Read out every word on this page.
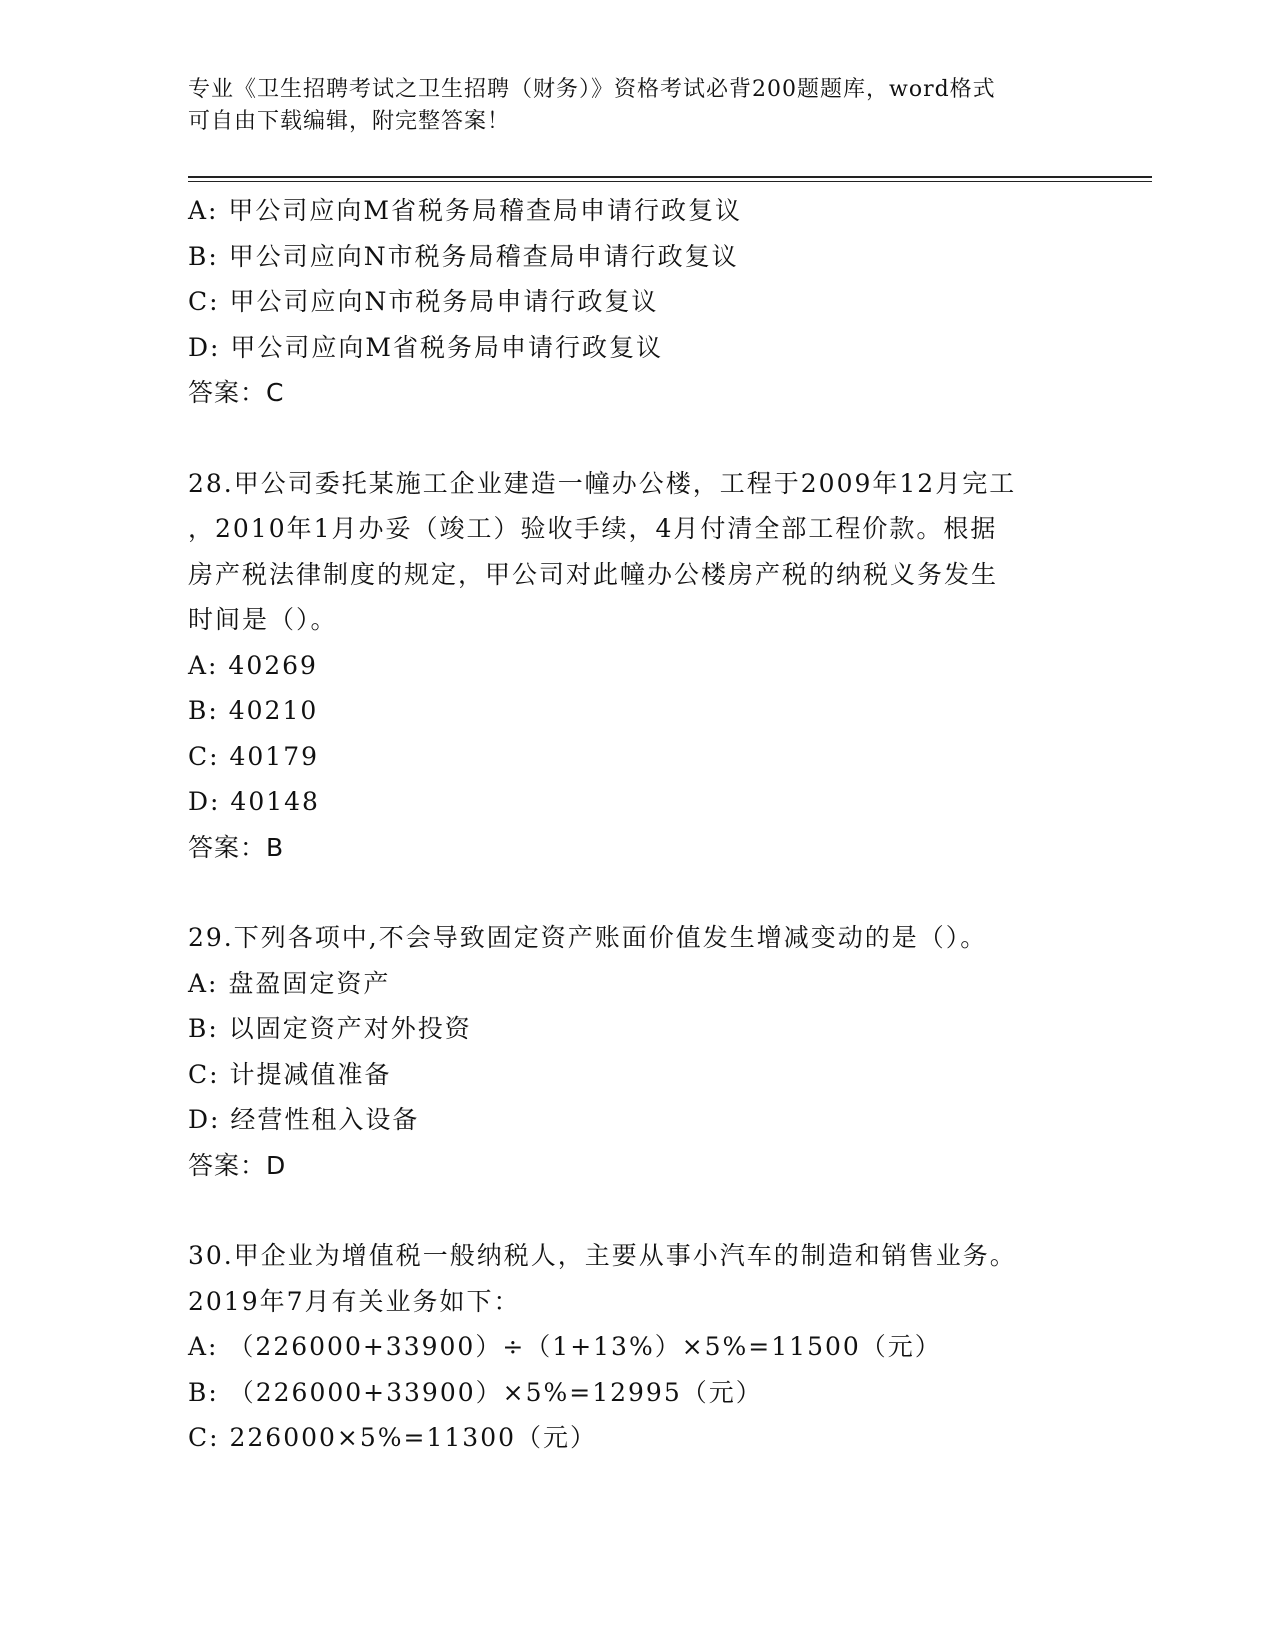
专业《卫生招聘考试之卫生招聘（财务）》资格考试必背200题题库，word格式
可自由下载编辑，附完整答案！
A: 甲公司应向M省税务局稽查局申请行政复议
B: 甲公司应向N市税务局稽查局申请行政复议
C: 甲公司应向N市税务局申请行政复议
D: 甲公司应向M省税务局申请行政复议
答案：C
28.甲公司委托某施工企业建造一幢办公楼，工程于2009年12月完工
，2010年1月办妥（竣工）验收手续，4月付清全部工程价款。根据
房产税法律制度的规定，甲公司对此幢办公楼房产税的纳税义务发生
时间是（）。
A: 40269
B: 40210
C: 40179
D: 40148
答案：B
29.下列各项中,不会导致固定资产账面价值发生增减变动的是（）。
A: 盘盈固定资产
B: 以固定资产对外投资
C: 计提减值准备
D: 经营性租入设备
答案：D
30.甲企业为增值税一般纳税人，主要从事小汽车的制造和销售业务。
2019年7月有关业务如下：
A: （226000+33900）÷（1+13%）×5%=11500（元）
B: （226000+33900）×5%=12995（元）
C: 226000×5%=11300（元）
